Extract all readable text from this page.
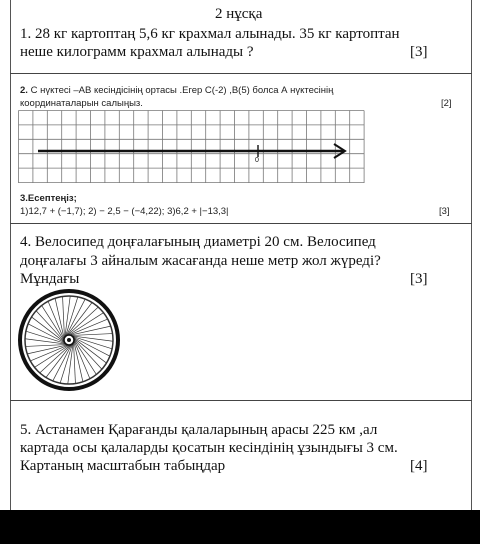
2 нұсқа
1. 28 кг картоптаң 5,6 кг крахмал алынады. 35 кг картоптан
неше килограмм крахмал алынады ?	[3]
2. С нүктесі –АВ кесіндісінің ортасы .Егер С(-2) ,В(5) болса А нүктесінің
координаталарын салыңыз.	[2]
0
3.Есептеңіз;
1)12,7 + (−1,7); 2) − 2,5 − (−4,22); 3)6,2 + |−13,3|	[3]
4. Велосипед доңғалағының диаметрі 20 см. Велосипед
доңғалағы 3 айналым жасағанда неше метр жол жүреді?
Мұндағы	[3]
5. Астанамен Қарағанды қалаларының арасы 225 км ,ал
картада осы қалаларды қосатын кесіндінің ұзындығы 3 см.
Картаның масштабын табыңдар	[4]
